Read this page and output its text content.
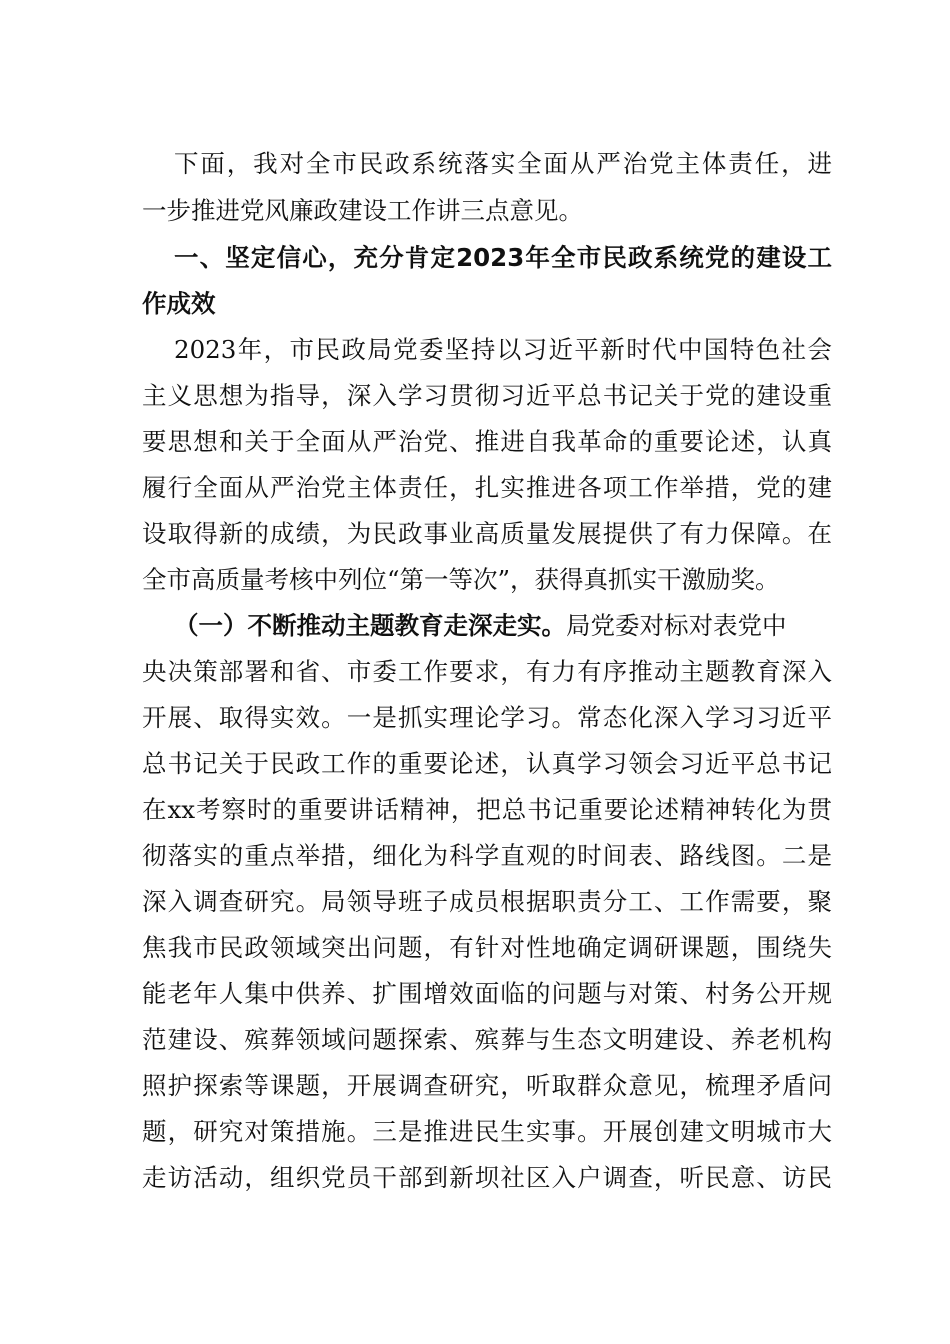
下面，我对全市民政系统落实全面从严治党主体责任，进
一步推进党风廉政建设工作讲三点意见。
一、坚定信心，充分肯定2023年全市民政系统党的建设工
作成效
2023年，市民政局党委坚持以习近平新时代中国特色社会
主义思想为指导，深入学习贯彻习近平总书记关于党的建设重
要思想和关于全面从严治党、推进自我革命的重要论述，认真
履行全面从严治党主体责任，扎实推进各项工作举措，党的建
设取得新的成绩，为民政事业高质量发展提供了有力保障。在
全市高质量考核中列位“第一等次”，获得真抓实干激励奖。
（一）不断推动主题教育走深走实。局党委对标对表党中
央决策部署和省、市委工作要求，有力有序推动主题教育深入
开展、取得实效。一是抓实理论学习。常态化深入学习习近平
总书记关于民政工作的重要论述，认真学习领会习近平总书记
在xx考察时的重要讲话精神，把总书记重要论述精神转化为贯
彻落实的重点举措，细化为科学直观的时间表、路线图。二是
深入调查研究。局领导班子成员根据职责分工、工作需要，聚
焦我市民政领域突出问题，有针对性地确定调研课题，围绕失
能老年人集中供养、扩围增效面临的问题与对策、村务公开规
范建设、殡葬领域问题探索、殡葬与生态文明建设、养老机构
照护探索等课题，开展调查研究，听取群众意见，梳理矛盾问
题，研究对策措施。三是推进民生实事。开展创建文明城市大
走访活动，组织党员干部到新坝社区入户调查，听民意、访民
